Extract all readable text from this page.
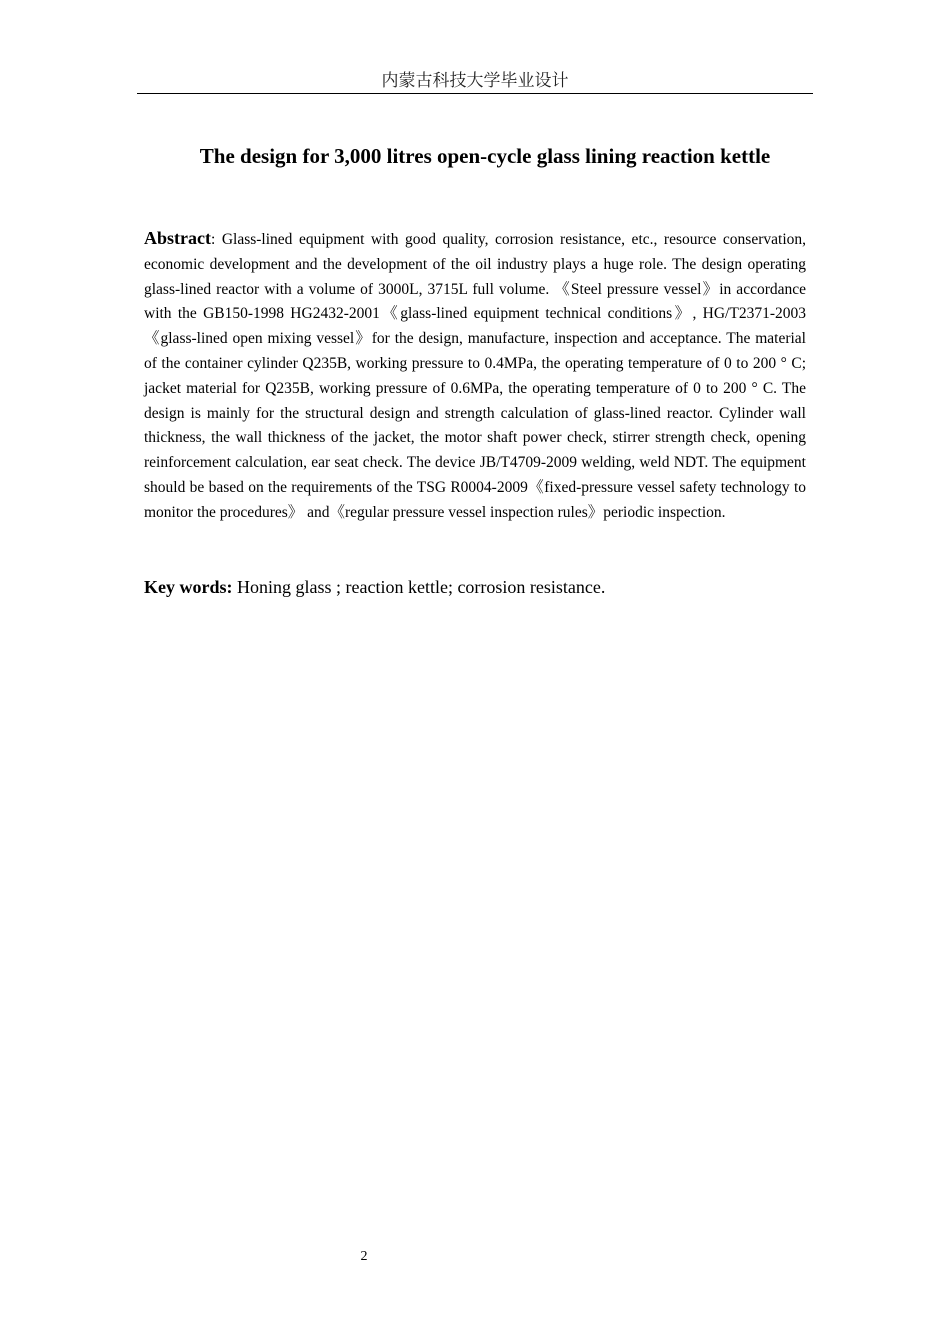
内蒙古科技大学毕业设计
The design for 3,000 litres open-cycle glass lining reaction kettle

Abstract: Glass-lined equipment with good quality, corrosion resistance, etc., resource conservation, economic development and the development of the oil industry plays a huge role. The design operating glass-lined reactor with a volume of 3000L, 3715L full volume. 《Steel pressure vessel》in accordance with the GB150-1998 HG2432-2001《glass-lined equipment technical conditions》, HG/T2371-2003《glass-lined open mixing vessel》for the design, manufacture, inspection and acceptance. The material of the container cylinder Q235B, working pressure to 0.4MPa, the operating temperature of 0 to 200 ° C; jacket material for Q235B, working pressure of 0.6MPa, the operating temperature of 0 to 200 ° C. The design is mainly for the structural design and strength calculation of glass-lined reactor. Cylinder wall thickness, the wall thickness of the jacket, the motor shaft power check, stirrer strength check, opening reinforcement calculation, ear seat check. The device JB/T4709-2009 welding, weld NDT. The equipment should be based on the requirements of the TSG R0004-2009《fixed-pressure vessel safety technology to monitor the procedures》 and《regular pressure vessel inspection rules》periodic inspection.

Key words: Honing glass ; reaction kettle; corrosion resistance.

2
